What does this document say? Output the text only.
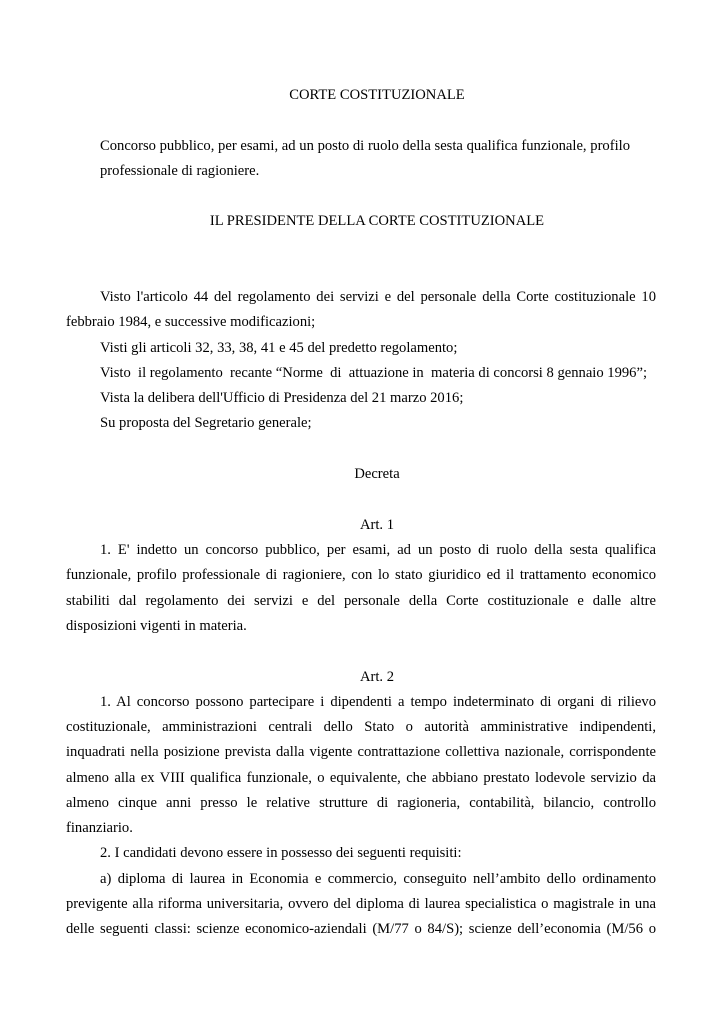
CORTE COSTITUZIONALE
Concorso pubblico, per esami, ad un posto di ruolo della sesta qualifica funzionale, profilo
professionale di ragioniere.
IL PRESIDENTE DELLA CORTE COSTITUZIONALE
Visto l'articolo 44 del regolamento dei servizi e del personale della Corte costituzionale 10
febbraio 1984, e successive modificazioni;
Visti gli articoli 32, 33, 38, 41 e 45 del predetto regolamento;
Visto  il regolamento  recante “Norme  di  attuazione in  materia di concorsi 8 gennaio 1996”;
Vista la delibera dell'Ufficio di Presidenza del 21 marzo 2016;
Su proposta del Segretario generale;
Decreta
Art. 1
1. E' indetto un concorso pubblico, per esami, ad un posto di ruolo della sesta qualifica
funzionale, profilo professionale di ragioniere, con lo stato giuridico ed il trattamento economico
stabiliti dal regolamento dei servizi e del personale della Corte costituzionale e dalle altre
disposizioni vigenti in materia.
Art. 2
1. Al concorso possono partecipare i dipendenti a tempo indeterminato di organi di rilievo
costituzionale, amministrazioni centrali dello Stato o autorità amministrative indipendenti,
inquadrati nella posizione prevista dalla vigente contrattazione collettiva nazionale, corrispondente
almeno alla ex VIII qualifica funzionale, o equivalente, che abbiano prestato lodevole servizio da
almeno cinque anni presso le relative strutture di ragioneria, contabilità, bilancio, controllo
finanziario.
2. I candidati devono essere in possesso dei seguenti requisiti:
a) diploma di laurea in Economia e commercio, conseguito nell’ambito dello ordinamento
previgente alla riforma universitaria, ovvero del diploma di laurea specialistica o magistrale in una
delle seguenti classi: scienze economico-aziendali (M/77 o 84/S); scienze dell’economia (M/56 o
